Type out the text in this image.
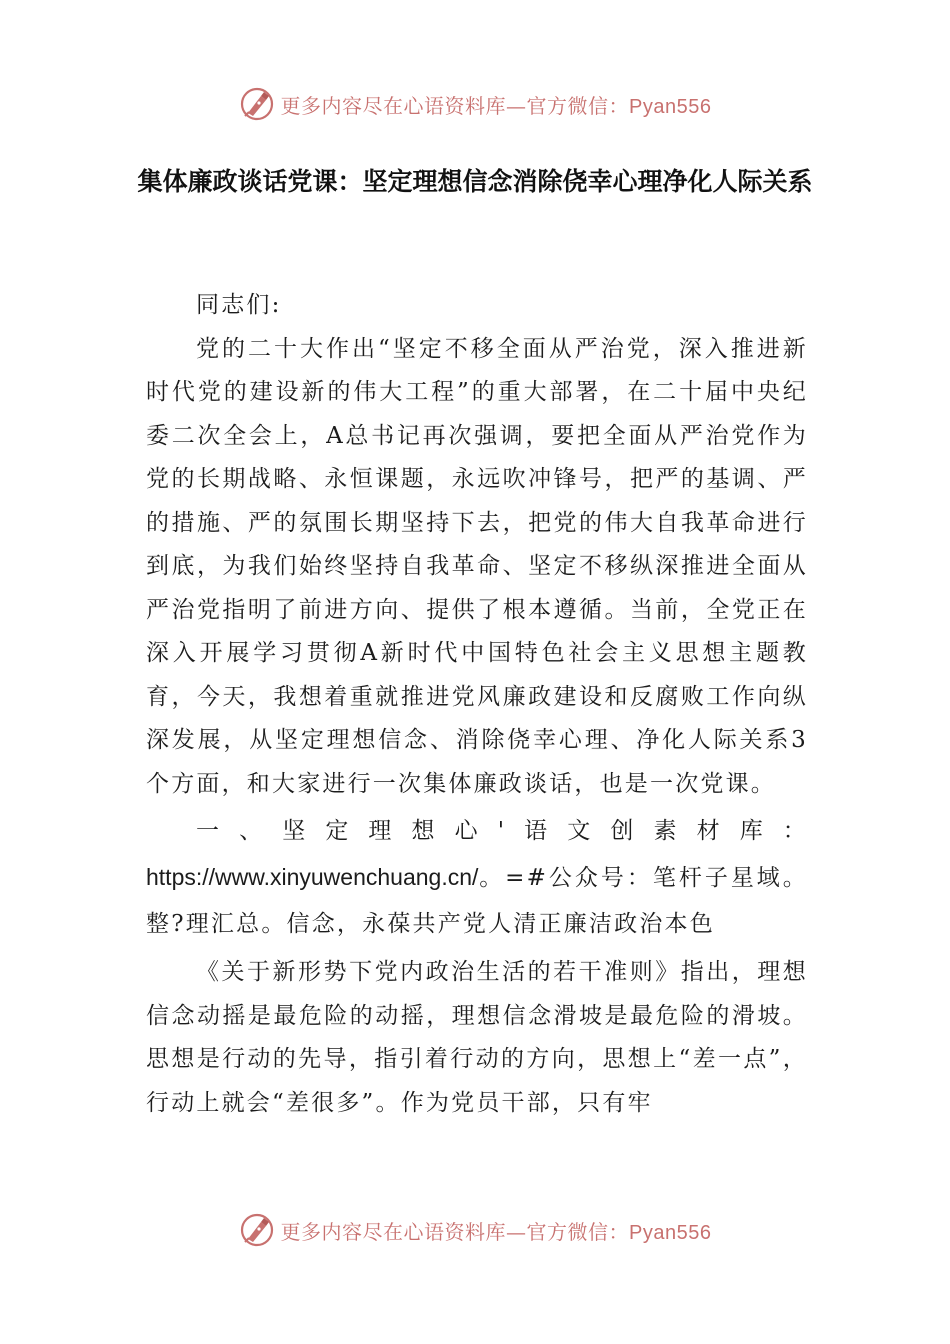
更多内容尽在心语资料库—官方微信：Pyan556
集体廉政谈话党课：坚定理想信念消除侥幸心理净化人际关系

同志们:

党的二十大作出“坚定不移全面从严治党，深入推进新时代党的建设新的伟大工程”的重大部署，在二十届中央纪委二次全会上，A总书记再次强调，要把全面从严治党作为党的长期战略、永恒课题，永远吹冲锋号，把严的基调、严的措施、严的氛围长期坚持下去，把党的伟大自我革命进行到底，为我们始终坚持自我革命、坚定不移纵深推进全面从严治党指明了前进方向、提供了根本遵循。当前，全党正在深入开展学习贯彻A新时代中国特色社会主义思想主题教育，今天，我想着重就推进党风廉政建设和反腐败工作向纵深发展，从坚定理想信念、消除侥幸心理、净化人际关系3个方面，和大家进行一次集体廉政谈话，也是一次党课。

一、坚定理想心'语文创素材库：https://www.xinyuwenchuang.cn/。=#公众号：笔杆子星域。整?理汇总。信念，永葆共产党人清正廉洁政治本色

《关于新形势下党内政治生活的若干准则》指出，理想信念动摇是最危险的动摇，理想信念滑坡是最危险的滑坡。思想是行动的先导，指引着行动的方向，思想上“差一点”，行动上就会“差很多”。作为党员干部，只有牢

更多内容尽在心语资料库—官方微信：Pyan556
